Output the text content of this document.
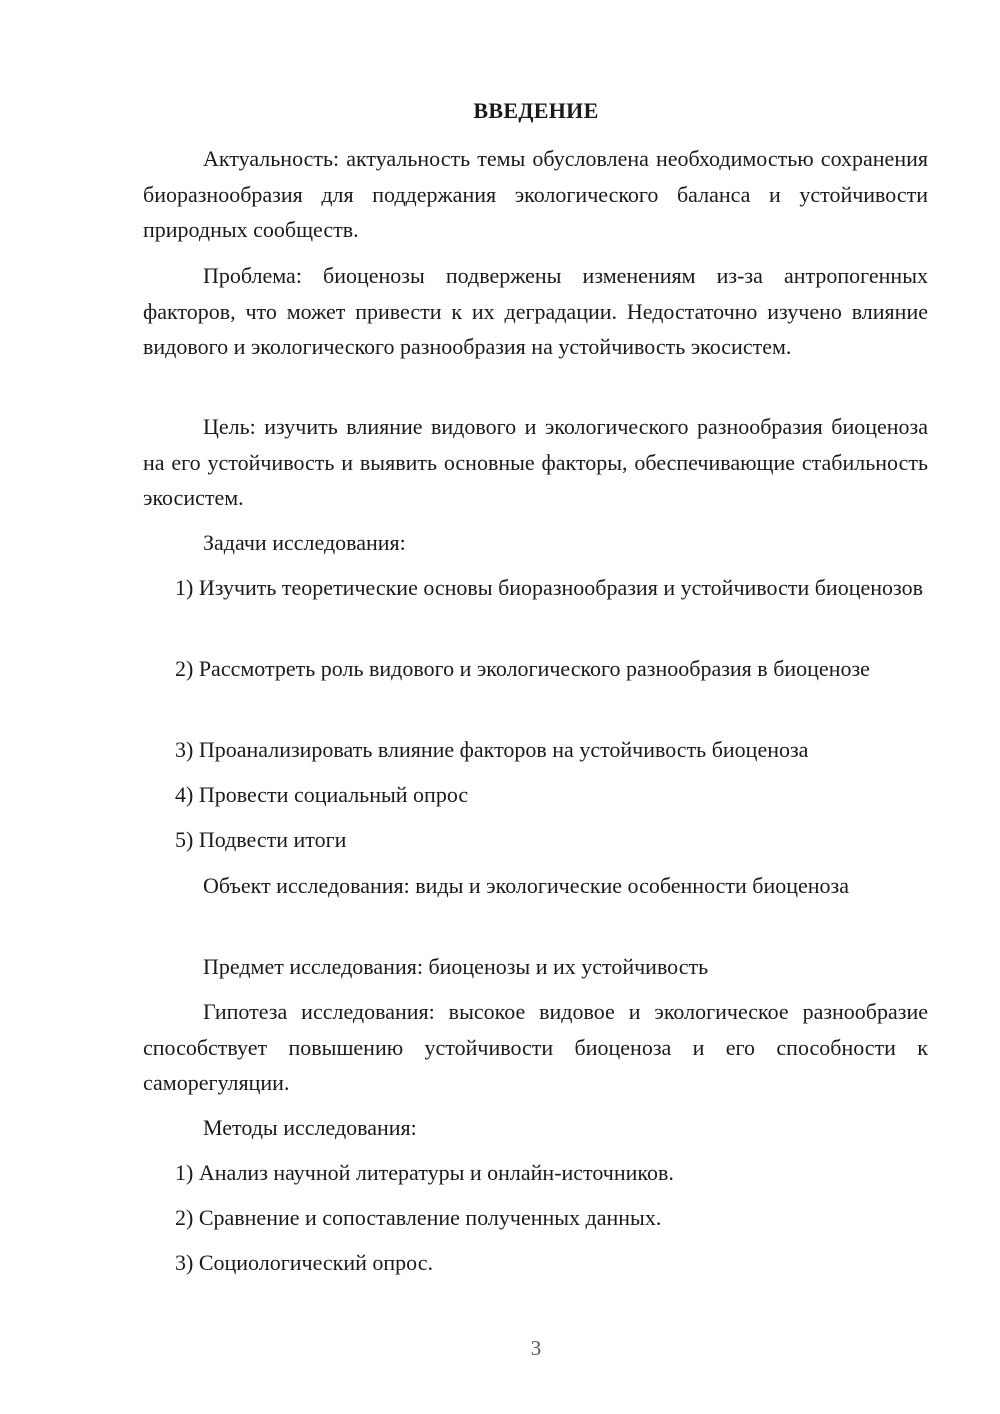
ВВЕДЕНИЕ

Актуальность: актуальность темы обусловлена необходимостью сохранения биоразнообразия для поддержания экологического баланса и устойчивости природных сообществ.

Проблема: биоценозы подвержены изменениям из-за антропогенных факторов, что может привести к их деградации. Недостаточно изучено влияние видового и экологического разнообразия на устойчивость экосистем.

Цель: изучить влияние видового и экологического разнообразия биоценоза на его устойчивость и выявить основные факторы, обеспечивающие стабильность экосистем.

Задачи исследования:

1) Изучить теоретические основы биоразнообразия и устойчивости биоценозов

2) Рассмотреть роль видового и экологического разнообразия в биоценозе

3) Проанализировать влияние факторов на устойчивость биоценоза

4) Провести социальный опрос

5) Подвести итоги

Объект исследования: виды и экологические особенности биоценоза

Предмет исследования: биоценозы и их устойчивость

Гипотеза исследования: высокое видовое и экологическое разнообразие способствует повышению устойчивости биоценоза и его способности к саморегуляции.

Методы исследования:

1) Анализ научной литературы и онлайн-источников.

2) Сравнение и сопоставление полученных данных.

3) Социологический опрос.

3
